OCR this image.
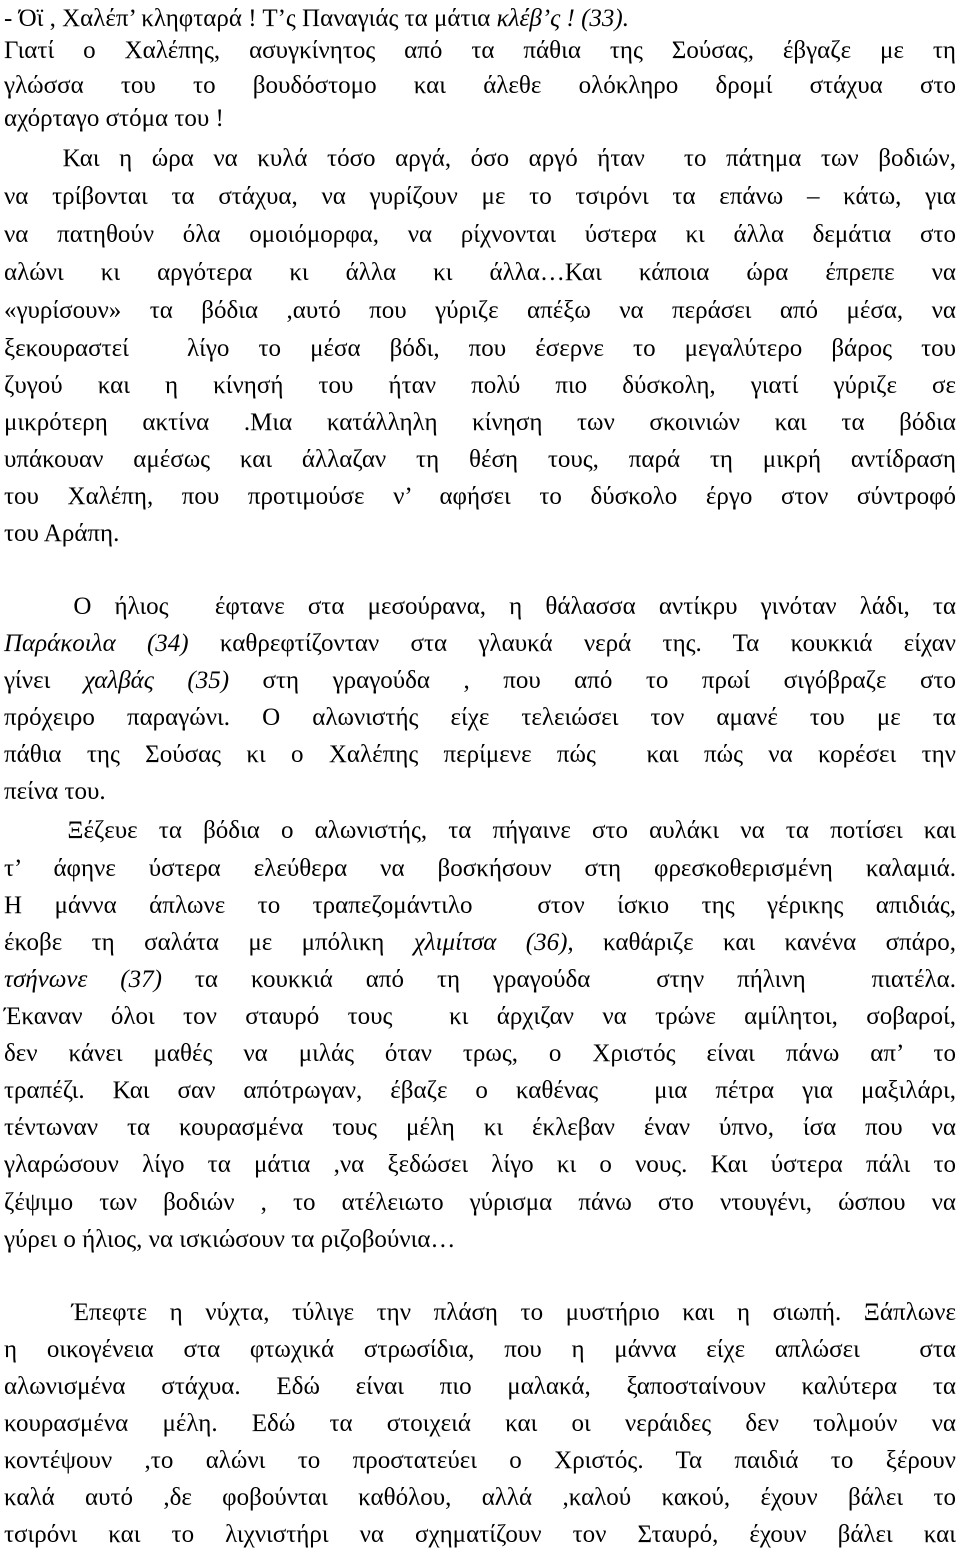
- Όϊ , Χαλέπ’ κληφταρά ! Τ’ς Παναγιάς τα μάτια κλέβ’ς ! (33).
Γιατί ο Χαλέπης, ασυγκίνητος από τα πάθια της Σούσας, έβγαζε με τη
γλώσσα του το βουδόστομο και άλεθε ολόκληρο δρομί στάχυα στο
αχόρταγο στόμα του !
Και η ώρα να κυλά τόσο αργά, όσο αργό ήταν  το πάτημα των βοδιών,
να τρίβονται τα στάχυα, να γυρίζουν με το τσιρόνι τα επάνω – κάτω, για
να πατηθούν όλα ομοιόμορφα, να ρίχνονται ύστερα κι άλλα δεμάτια στο
αλώνι κι αργότερα κι άλλα κι άλλα…Και κάποια ώρα έπρεπε να
«γυρίσουν» τα βόδια ,αυτό που γύριζε απέξω να περάσει από μέσα, να
ξεκουραστεί  λίγο το μέσα βόδι, που έσερνε το μεγαλύτερο βάρος του
ζυγού και η κίνησή του ήταν πολύ πιο δύσκολη, γιατί γύριζε σε
μικρότερη ακτίνα .Μια κατάλληλη κίνηση των σκοινιών και τα βόδια
υπάκουαν αμέσως και άλλαζαν τη θέση τους, παρά τη μικρή αντίδραση
του Χαλέπη, που προτιμούσε ν’ αφήσει το δύσκολο έργο στον σύντροφό
του Αράπη.
Ο ήλιος  έφτανε στα μεσούρανα, η θάλασσα αντίκρυ γινόταν λάδι, τα
Παράκοιλα (34) καθρεφτίζονταν στα γλαυκά νερά της. Τα κουκκιά είχαν
γίνει χαλβάς (35) στη γραγούδα , που από το πρωί σιγόβραζε στο
πρόχειρο παραγώνι. Ο αλωνιστής είχε τελειώσει τον αμανέ του με τα
πάθια της Σούσας κι ο Χαλέπης περίμενε πώς  και πώς να κορέσει την
πείνα του.
Ξέζευε τα βόδια ο αλωνιστής, τα πήγαινε στο αυλάκι να τα ποτίσει και
τ’ άφηνε ύστερα ελεύθερα να βοσκήσουν στη φρεσκοθερισμένη καλαμιά.
Η μάννα άπλωνε το τραπεζομάντιλο  στον ίσκιο της γέρικης απιδιάς,
έκοβε τη σαλάτα με μπόλικη χλιμίτσα (36), καθάριζε και κανένα σπάρο,
τσήνωνε (37) τα κουκκιά από τη γραγούδα  στην πήλινη  πιατέλα.
Έκαναν όλοι τον σταυρό τους  κι άρχιζαν να τρώνε αμίλητοι, σοβαροί,
δεν κάνει μαθές να μιλάς όταν τρως, ο Χριστός είναι πάνω απ’ το
τραπέζι. Και σαν απότρωγαν, έβαζε ο καθένας  μια πέτρα για μαξιλάρι,
τέντωναν τα κουρασμένα τους μέλη κι έκλεβαν έναν ύπνο, ίσα που να
γλαρώσουν λίγο τα μάτια ,να ξεδώσει λίγο κι ο νους. Και ύστερα πάλι το
ζέψιμο των βοδιών , το ατέλειωτο γύρισμα πάνω στο ντουγένι, ώσπου να
γύρει ο ήλιος, να ισκιώσουν τα ριζοβούνια…
Έπεφτε η νύχτα, τύλιγε την πλάση το μυστήριο και η σιωπή. Ξάπλωνε
η οικογένεια στα φτωχικά στρωσίδια, που η μάννα είχε απλώσει  στα
αλωνισμένα στάχυα. Εδώ είναι πιο μαλακά, ξαποσταίνουν καλύτερα τα
κουρασμένα μέλη. Εδώ τα στοιχειά και οι νεράιδες δεν τολμούν να
κοντέψουν ,το αλώνι το προστατεύει ο Χριστός. Τα παιδιά το ξέρουν
καλά αυτό ,δε φοβούνται καθόλου, αλλά ,καλού κακού, έχουν βάλει το
τσιρόνι και το λιχνιστήρι να σχηματίζουν τον Σταυρό, έχουν βάλει και
